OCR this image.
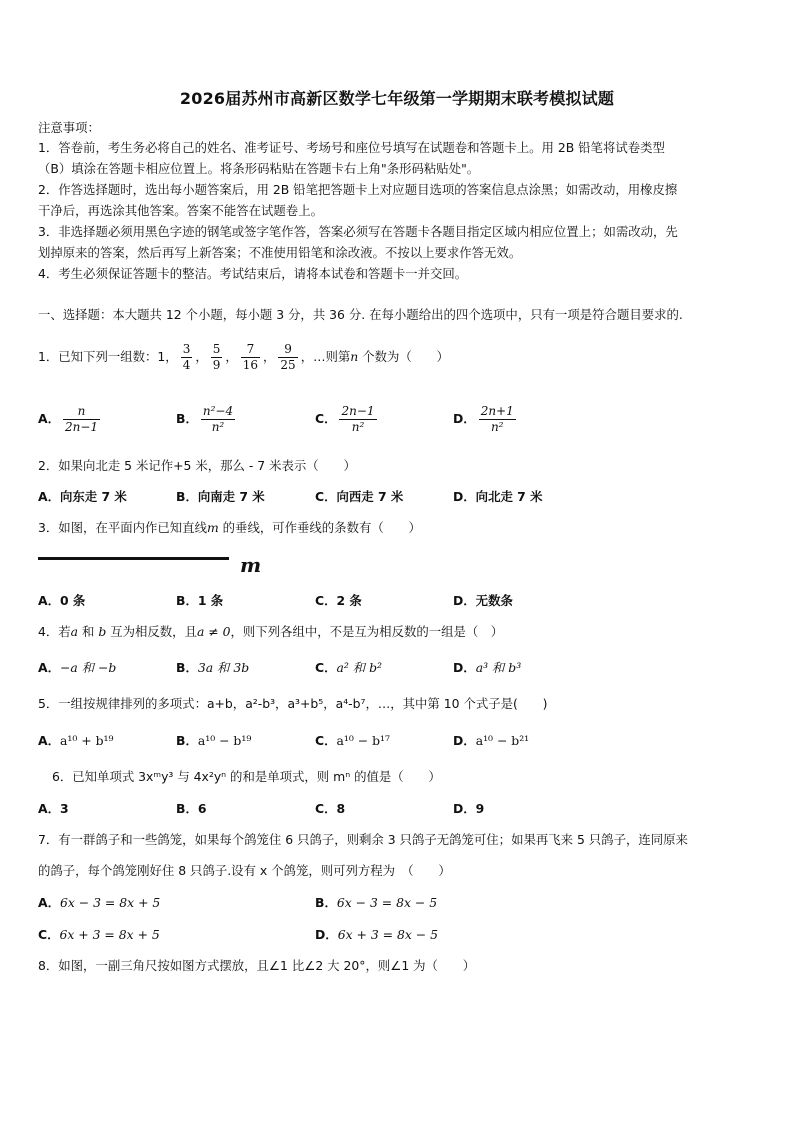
2026届苏州市高新区数学七年级第一学期期末联考模拟试题
注意事项：
1．答卷前，考生务必将自己的姓名、准考证号、考场号和座位号填写在试题卷和答题卡上。用 2B 铅笔将试卷类型
（B）填涂在答题卡相应位置上。将条形码粘贴在答题卡右上角"条形码粘贴处"。
2．作答选择题时，选出每小题答案后，用 2B 铅笔把答题卡上对应题目选项的答案信息点涂黑；如需改动，用橡皮擦
干净后，再选涂其他答案。答案不能答在试题卷上。
3．非选择题必须用黑色字迹的钢笔或签字笔作答，答案必须写在答题卡各题目指定区域内相应位置上；如需改动，先
划掉原来的答案，然后再写上新答案；不准使用铅笔和涂改液。不按以上要求作答无效。
4．考生必须保证答题卡的整洁。考试结束后，请将本试卷和答题卡一并交回。
一、选择题：本大题共 12 个小题，每小题 3 分，共 36 分. 在每小题给出的四个选项中，只有一项是符合题目要求的.
1．已知下列一组数：1， $\frac{3}{4}$ ， $\frac{5}{9}$ ， $\frac{7}{16}$ ， $\frac{9}{25}$ ，…则第n 个数为（　　）
A． $\frac{n}{2n-1}$	B． $\frac{\text{n²−4}}{\text{n²}}$	C． $\frac{2n-1}{\text{n²}}$	D． $\frac{2n+1}{\text{n²}}$
2．如果向北走 5 米记作+5 米，那么 - 7 米表示（　　）
A．向东走 7 米	B．向南走 7 米	C．向西走 7 米	D．向北走 7 米
3．如图，在平面内作已知直线m 的垂线，可作垂线的条数有（　　）
m
A．0 条	B．1 条	C．2 条	D．无数条
4．若a 和 b 互为相反数，且a ≠ 0，则下列各组中，不是互为相反数的一组是（　）
A．−a 和 −b	B．3a 和 3b	C．a² 和 b²	D．a³ 和 b³
5．一组按规律排列的多项式：a+b，a²-b³，a³+b⁵，a⁴-b⁷，…，其中第 10 个式子是(　　)
A．a¹⁰ + b¹⁹	B．a¹⁰ − b¹⁹	C．a¹⁰ − b¹⁷	D．a¹⁰ − b²¹
6．已知单项式 3xᵐy³ 与 4x²yⁿ 的和是单项式，则 mⁿ 的值是（　　）
A．3	B．6	C．8	D．9
7．有一群鸽子和一些鸽笼，如果每个鸽笼住 6 只鸽子，则剩余 3 只鸽子无鸽笼可住；如果再飞来 5 只鸽子，连同原来
的鸽子，每个鸽笼刚好住 8 只鸽子.设有 x 个鸽笼，则可列方程为　（　　）
A．6x − 3 = 8x + 5	B．6x − 3 = 8x − 5
C．6x + 3 = 8x + 5	D．6x + 3 = 8x − 5
8．如图，一副三角尺按如图方式摆放，且∠1 比∠2 大 20°，则∠1 为（　　）
